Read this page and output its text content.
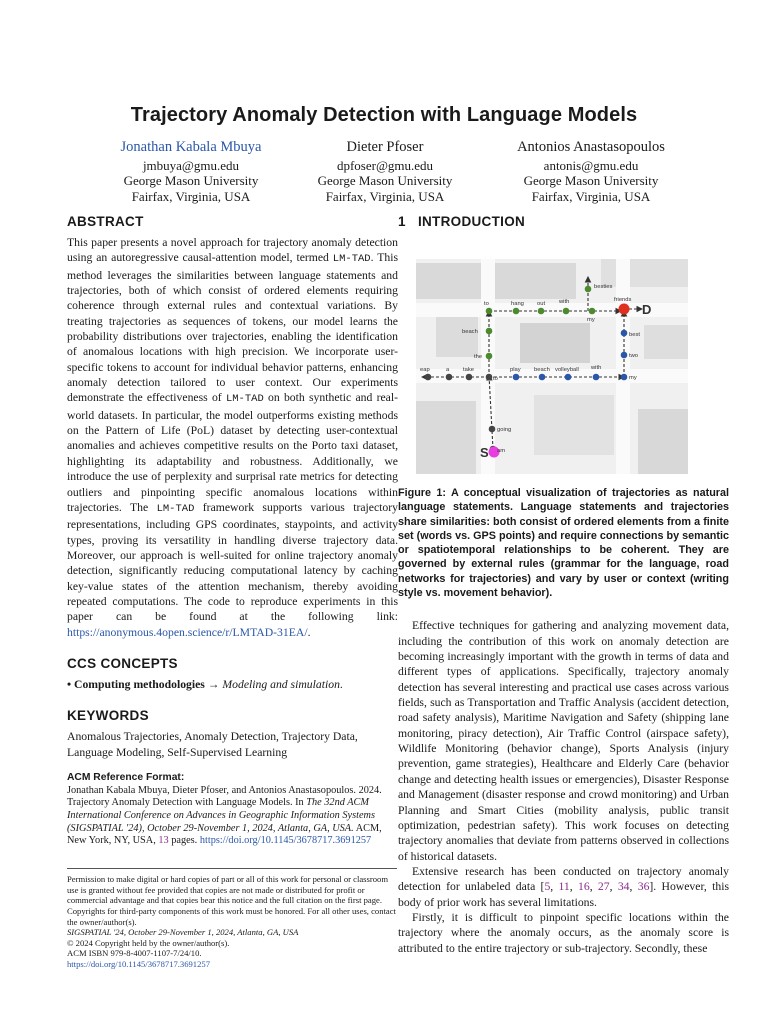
Trajectory Anomaly Detection with Language Models
Jonathan Kabala Mbuya
jmbuya@gmu.edu
George Mason University
Fairfax, Virginia, USA
Dieter Pfoser
dpfoser@gmu.edu
George Mason University
Fairfax, Virginia, USA
Antonios Anastasopoulos
antonis@gmu.edu
George Mason University
Fairfax, Virginia, USA
ABSTRACT

This paper presents a novel approach for trajectory anomaly detection using an autoregressive causal-attention model, termed LM-TAD. This method leverages the similarities between language statements and trajectories, both of which consist of ordered elements requiring coherence through external rules and contextual variations. By treating trajectories as sequences of tokens, our model learns the probability distributions over trajectories, enabling the identification of anomalous locations with high precision. We incorporate user-specific tokens to account for individual behavior patterns, enhancing anomaly detection tailored to user context. Our experiments demonstrate the effectiveness of LM-TAD on both synthetic and real-world datasets. In particular, the model outperforms existing methods on the Pattern of Life (PoL) dataset by detecting user-contextual anomalies and achieves competitive results on the Porto taxi dataset, highlighting its adaptability and robustness. Additionally, we introduce the use of perplexity and surprisal rate metrics for detecting outliers and pinpointing specific anomalous locations within trajectories. The LM-TAD framework supports various trajectory representations, including GPS coordinates, staypoints, and activity types, proving its versatility in handling diverse trajectory data. Moreover, our approach is well-suited for online trajectory anomaly detection, significantly reducing computational latency by caching key-value states of the attention mechanism, thereby avoiding repeated computations. The code to reproduce experiments in this paper can be found at the following link: https://anonymous.4open.science/r/LMTAD-31EA/.

CCS CONCEPTS

• Computing methodologies → Modeling and simulation.

KEYWORDS

Anomalous Trajectories, Anomaly Detection, Trajectory Data, Language Modeling, Self-Supervised Learning

ACM Reference Format:

Jonathan Kabala Mbuya, Dieter Pfoser, and Antonios Anastasopoulos. 2024. Trajectory Anomaly Detection with Language Models. In The 32nd ACM International Conference on Advances in Geographic Information Systems (SIGSPATIAL '24), October 29-November 1, 2024, Atlanta, GA, USA. ACM, New York, NY, USA, 13 pages. https://doi.org/10.1145/3678717.3691257

Permission to make digital or hard copies of part or all of this work for personal or classroom use is granted without fee provided that copies are not made or distributed for profit or commercial advantage and that copies bear this notice and the full citation on the first page. Copyrights for third-party components of this work must be honored. For all other uses, contact the owner/author(s).

SIGSPATIAL '24, October 29-November 1, 2024, Atlanta, GA, USA
© 2024 Copyright held by the owner/author(s).
ACM ISBN 979-8-4007-1107-7/24/10.
https://doi.org/10.1145/3678717.3691257
1   INTRODUCTION
S
D
besties
to	hang out with	friends
my
beach
the
best
two
eap	a take
to
play beach volleyball with
my
going
am

Figure 1: A conceptual visualization of trajectories as natural language statements. Language statements and trajectories share similarities: both consist of ordered elements from a finite set (words vs. GPS points) and require connections by semantic or spatiotemporal relationships to be coherent. They are governed by external rules (grammar for the language, road networks for trajectories) and vary by user or context (writing style vs. movement behavior).

Effective techniques for gathering and analyzing movement data, including the contribution of this work on anomaly detection are becoming increasingly important with the growth in terms of data and different types of applications. Specifically, trajectory anomaly detection has several interesting and practical use cases across various fields, such as Transportation and Traffic Analysis (accident detection, road safety analysis), Maritime Navigation and Safety (shipping lane monitoring, piracy detection), Air Traffic Control (airspace safety), Wildlife Monitoring (behavior change), Sports Analysis (injury prevention, game strategies), Healthcare and Elderly Care (behavior change and detecting health issues or emergencies), Disaster Response and Management (disaster response and crowd monitoring) and Urban Planning and Smart Cities (mobility analysis, public transit optimization, pedestrian safety). This work focuses on detecting trajectory anomalies that deviate from patterns observed in collections of historical datasets.

Extensive research has been conducted on trajectory anomaly detection for unlabeled data [5, 11, 16, 27, 34, 36]. However, this body of prior work has several limitations.

Firstly, it is difficult to pinpoint specific locations within the trajectory where the anomaly occurs, as the anomaly score is attributed to the entire trajectory or sub-trajectory. Secondly, these
